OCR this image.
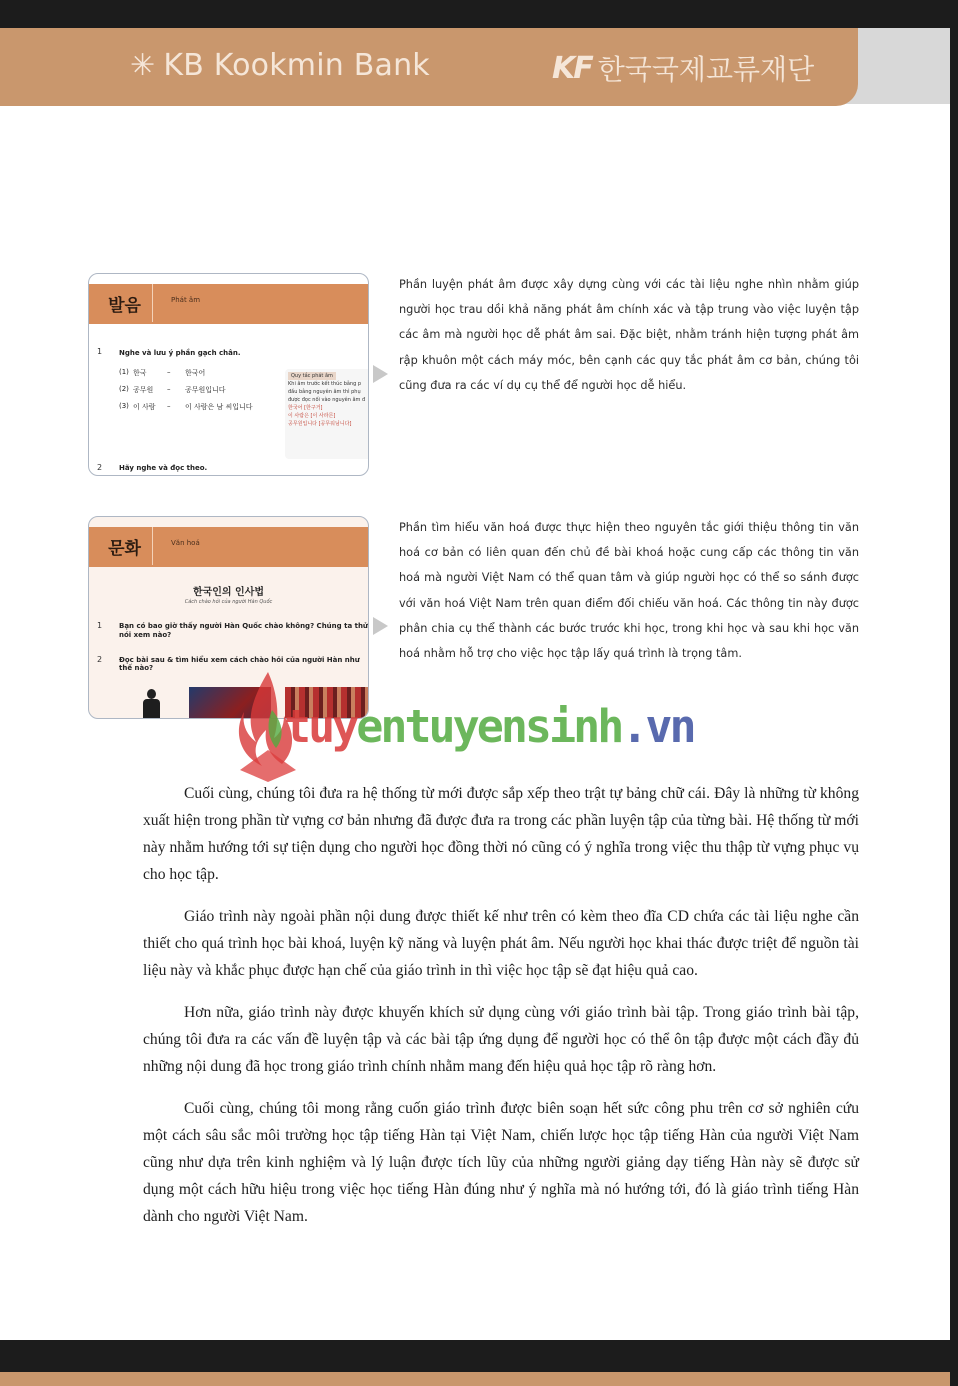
✳ KB Kookmin Bank	KF 한국국제교류재단
발음	Phát âm
1 Nghe và lưu ý phần gạch chân.
(1) 한국	– 한국어
(2) 공무원 – 공무원입니다
(3) 이 사람 – 이 사람은 남 씨입니다
Quy tắc phát âm
Khi âm trước kết thúc bằng p
đầu bằng nguyên âm thì phụ
được đọc nối vào nguyên âm đ
한국어 [한구거]
이 사람은 [이 사라믄]
공무원입니다 [공무워님니다]
2 Hãy nghe và đọc theo.
Phần luyện phát âm được xây dựng cùng với các tài liệu nghe nhìn nhằm giúp người học trau dồi khả năng phát âm chính xác và tập trung vào việc luyện tập các âm mà người học dễ phát âm sai. Đặc biệt, nhằm tránh hiện tượng phát âm rập khuôn một cách máy móc, bên cạnh các quy tắc phát âm cơ bản, chúng tôi cũng đưa ra các ví dụ cụ thể để người học dễ hiểu.
문화	Văn hoá
한국인의 인사법
Cách chào hỏi của người Hàn Quốc
1 Bạn có bao giờ thấy người Hàn Quốc chào không? Chúng ta thử nói xem nào?
2 Đọc bài sau & tìm hiểu xem cách chào hỏi của người Hàn như thế nào?
Phần tìm hiểu văn hoá được thực hiện theo nguyên tắc giới thiệu thông tin văn hoá cơ bản có liên quan đến chủ đề bài khoá hoặc cung cấp các thông tin văn hoá mà người Việt Nam có thể quan tâm và giúp người học có thể so sánh được với văn hoá Việt Nam trên quan điểm đối chiếu văn hoá. Các thông tin này được phân chia cụ thể thành các bước trước khi học, trong khi học và sau khi học văn hoá nhằm hỗ trợ cho việc học tập lấy quá trình là trọng tâm.
tuyentuyensinh.vn

Cuối cùng, chúng tôi đưa ra hệ thống từ mới được sắp xếp theo trật tự bảng chữ cái. Đây là những từ không xuất hiện trong phần từ vựng cơ bản nhưng đã được đưa ra trong các phần luyện tập của từng bài. Hệ thống từ mới này nhằm hướng tới sự tiện dụng cho người học đồng thời nó cũng có ý nghĩa trong việc thu thập từ vựng phục vụ cho học tập.

Giáo trình này ngoài phần nội dung được thiết kế như trên có kèm theo đĩa CD chứa các tài liệu nghe cần thiết cho quá trình học bài khoá, luyện kỹ năng và luyện phát âm. Nếu người học khai thác được triệt để nguồn tài liệu này và khắc phục được hạn chế của giáo trình in thì việc học tập sẽ đạt hiệu quả cao.

Hơn nữa, giáo trình này được khuyến khích sử dụng cùng với giáo trình bài tập. Trong giáo trình bài tập, chúng tôi đưa ra các vấn đề luyện tập và các bài tập ứng dụng để người học có thể ôn tập được một cách đầy đủ những nội dung đã học trong giáo trình chính nhằm mang đến hiệu quả học tập rõ ràng hơn.

Cuối cùng, chúng tôi mong rằng cuốn giáo trình được biên soạn hết sức công phu trên cơ sở nghiên cứu một cách sâu sắc môi trường học tập tiếng Hàn tại Việt Nam, chiến lược học tập tiếng Hàn của người Việt Nam cũng như dựa trên kinh nghiệm và lý luận được tích lũy của những người giảng dạy tiếng Hàn này sẽ được sử dụng một cách hữu hiệu trong việc học tiếng Hàn đúng như ý nghĩa mà nó hướng tới, đó là giáo trình tiếng Hàn dành cho người Việt Nam.
